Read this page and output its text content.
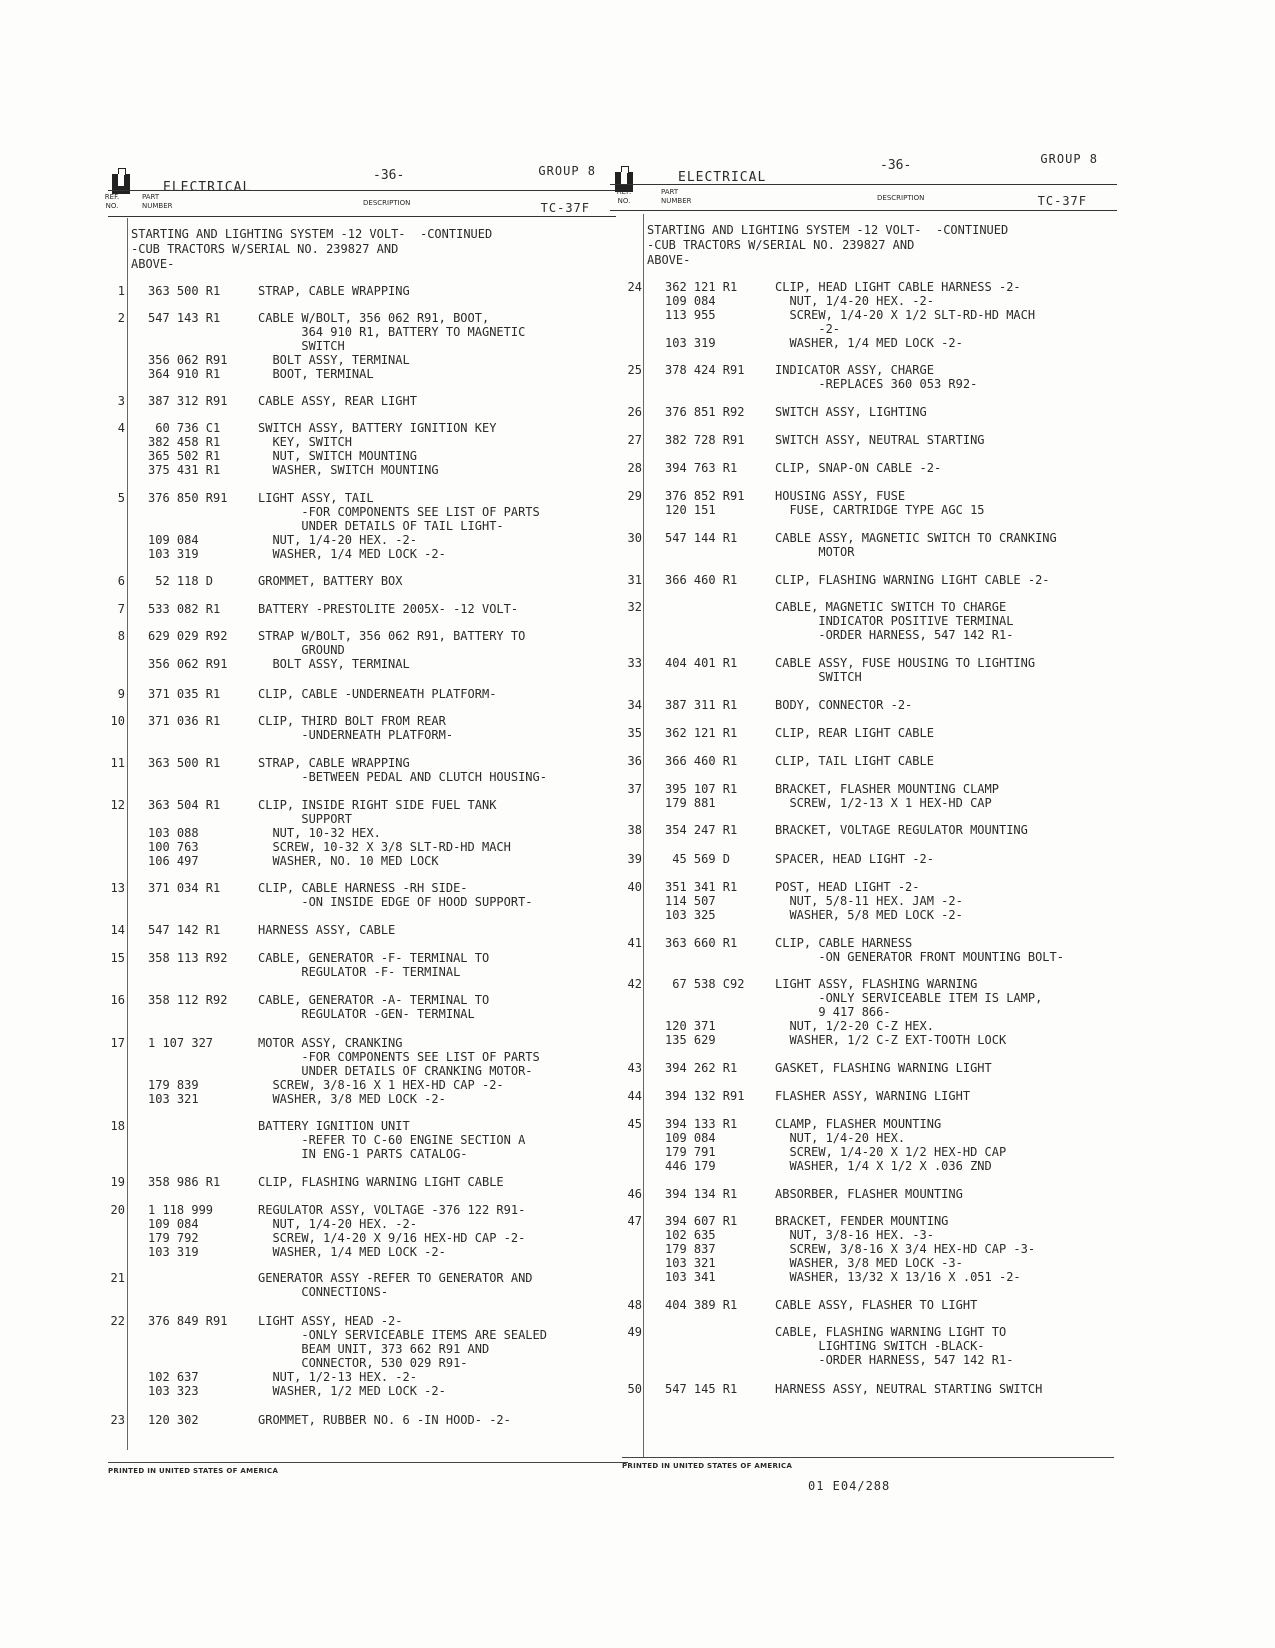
ELECTRICAL
-36-	GROUP 8
REF.
NO.
PART
NUMBER	DESCRIPTION	TC-37F
ELECTRICAL
-36-	GROUP 8
REF.
NO.
PART
NUMBER	DESCRIPTION	TC-37F
STARTING AND LIGHTING SYSTEM -12 VOLT-  -CONTINUED
-CUB TRACTORS W/SERIAL NO. 239827 AND
ABOVE-
STARTING AND LIGHTING SYSTEM -12 VOLT-  -CONTINUED
-CUB TRACTORS W/SERIAL NO. 239827 AND
ABOVE-
1 363 500 R1	STRAP, CABLE WRAPPING
2 547 143 R1	CABLE W/BOLT, 356 062 R91, BOOT,
364 910 R1, BATTERY TO MAGNETIC
SWITCH
356 062 R91	BOLT ASSY, TERMINAL
364 910 R1	BOOT, TERMINAL
3 387 312 R91	CABLE ASSY, REAR LIGHT
4 60 736 C1	SWITCH ASSY, BATTERY IGNITION KEY
382 458 R1	KEY, SWITCH
365 502 R1	NUT, SWITCH MOUNTING
375 431 R1	WASHER, SWITCH MOUNTING
5 376 850 R91	LIGHT ASSY, TAIL
-FOR COMPONENTS SEE LIST OF PARTS
UNDER DETAILS OF TAIL LIGHT-
109 084	NUT, 1/4-20 HEX. -2-
103 319	WASHER, 1/4 MED LOCK -2-
6 52 118 D	GROMMET, BATTERY BOX
7 533 082 R1	BATTERY -PRESTOLITE 2005X- -12 VOLT-
8 629 029 R92	STRAP W/BOLT, 356 062 R91, BATTERY TO
GROUND
356 062 R91	BOLT ASSY, TERMINAL
9 371 035 R1	CLIP, CABLE -UNDERNEATH PLATFORM-
10 371 036 R1	CLIP, THIRD BOLT FROM REAR
-UNDERNEATH PLATFORM-
11 363 500 R1	STRAP, CABLE WRAPPING
-BETWEEN PEDAL AND CLUTCH HOUSING-
12 363 504 R1	CLIP, INSIDE RIGHT SIDE FUEL TANK
SUPPORT
103 088	NUT, 10-32 HEX.
100 763	SCREW, 10-32 X 3/8 SLT-RD-HD MACH
106 497	WASHER, NO. 10 MED LOCK
13 371 034 R1	CLIP, CABLE HARNESS -RH SIDE-
-ON INSIDE EDGE OF HOOD SUPPORT-
14 547 142 R1	HARNESS ASSY, CABLE
15 358 113 R92	CABLE, GENERATOR -F- TERMINAL TO
REGULATOR -F- TERMINAL
16 358 112 R92	CABLE, GENERATOR -A- TERMINAL TO
REGULATOR -GEN- TERMINAL
17 1 107 327	MOTOR ASSY, CRANKING
-FOR COMPONENTS SEE LIST OF PARTS
UNDER DETAILS OF CRANKING MOTOR-
179 839	SCREW, 3/8-16 X 1 HEX-HD CAP -2-
103 321	WASHER, 3/8 MED LOCK -2-
18	BATTERY IGNITION UNIT
-REFER TO C-60 ENGINE SECTION A
IN ENG-1 PARTS CATALOG-
19 358 986 R1	CLIP, FLASHING WARNING LIGHT CABLE
20 1 118 999	REGULATOR ASSY, VOLTAGE -376 122 R91-
109 084	NUT, 1/4-20 HEX. -2-
179 792	SCREW, 1/4-20 X 9/16 HEX-HD CAP -2-
103 319	WASHER, 1/4 MED LOCK -2-
21	GENERATOR ASSY -REFER TO GENERATOR AND
CONNECTIONS-
22 376 849 R91	LIGHT ASSY, HEAD -2-
-ONLY SERVICEABLE ITEMS ARE SEALED
BEAM UNIT, 373 662 R91 AND
CONNECTOR, 530 029 R91-
102 637	NUT, 1/2-13 HEX. -2-
103 323	WASHER, 1/2 MED LOCK -2-
23 120 302	GROMMET, RUBBER NO. 6 -IN HOOD- -2-
24 362 121 R1	CLIP, HEAD LIGHT CABLE HARNESS -2-
109 084	NUT, 1/4-20 HEX. -2-
113 955	SCREW, 1/4-20 X 1/2 SLT-RD-HD MACH
-2-
103 319	WASHER, 1/4 MED LOCK -2-
25 378 424 R91	INDICATOR ASSY, CHARGE
-REPLACES 360 053 R92-
26 376 851 R92	SWITCH ASSY, LIGHTING
27 382 728 R91	SWITCH ASSY, NEUTRAL STARTING
28 394 763 R1	CLIP, SNAP-ON CABLE -2-
29 376 852 R91	HOUSING ASSY, FUSE
120 151	FUSE, CARTRIDGE TYPE AGC 15
30 547 144 R1	CABLE ASSY, MAGNETIC SWITCH TO CRANKING
MOTOR
31 366 460 R1	CLIP, FLASHING WARNING LIGHT CABLE -2-
32	CABLE, MAGNETIC SWITCH TO CHARGE
INDICATOR POSITIVE TERMINAL
-ORDER HARNESS, 547 142 R1-
33 404 401 R1	CABLE ASSY, FUSE HOUSING TO LIGHTING
SWITCH
34 387 311 R1	BODY, CONNECTOR -2-
35 362 121 R1	CLIP, REAR LIGHT CABLE
36 366 460 R1	CLIP, TAIL LIGHT CABLE
37 395 107 R1	BRACKET, FLASHER MOUNTING CLAMP
179 881	SCREW, 1/2-13 X 1 HEX-HD CAP
38 354 247 R1	BRACKET, VOLTAGE REGULATOR MOUNTING
39 45 569 D	SPACER, HEAD LIGHT -2-
40 351 341 R1	POST, HEAD LIGHT -2-
114 507	NUT, 5/8-11 HEX. JAM -2-
103 325	WASHER, 5/8 MED LOCK -2-
41 363 660 R1	CLIP, CABLE HARNESS
-ON GENERATOR FRONT MOUNTING BOLT-
42 67 538 C92	LIGHT ASSY, FLASHING WARNING
-ONLY SERVICEABLE ITEM IS LAMP,
9 417 866-
120 371	NUT, 1/2-20 C-Z HEX.
135 629	WASHER, 1/2 C-Z EXT-TOOTH LOCK
43 394 262 R1	GASKET, FLASHING WARNING LIGHT
44 394 132 R91	FLASHER ASSY, WARNING LIGHT
45 394 133 R1	CLAMP, FLASHER MOUNTING
109 084	NUT, 1/4-20 HEX.
179 791	SCREW, 1/4-20 X 1/2 HEX-HD CAP
446 179	WASHER, 1/4 X 1/2 X .036 ZND
46 394 134 R1	ABSORBER, FLASHER MOUNTING
47 394 607 R1	BRACKET, FENDER MOUNTING
102 635	NUT, 3/8-16 HEX. -3-
179 837	SCREW, 3/8-16 X 3/4 HEX-HD CAP -3-
103 321	WASHER, 3/8 MED LOCK -3-
103 341	WASHER, 13/32 X 13/16 X .051 -2-
48 404 389 R1	CABLE ASSY, FLASHER TO LIGHT
49	CABLE, FLASHING WARNING LIGHT TO
LIGHTING SWITCH -BLACK-
-ORDER HARNESS, 547 142 R1-
50 547 145 R1	HARNESS ASSY, NEUTRAL STARTING SWITCH
PRINTED IN UNITED STATES OF AMERICA
PRINTED IN UNITED STATES OF AMERICA
01 E04/288
